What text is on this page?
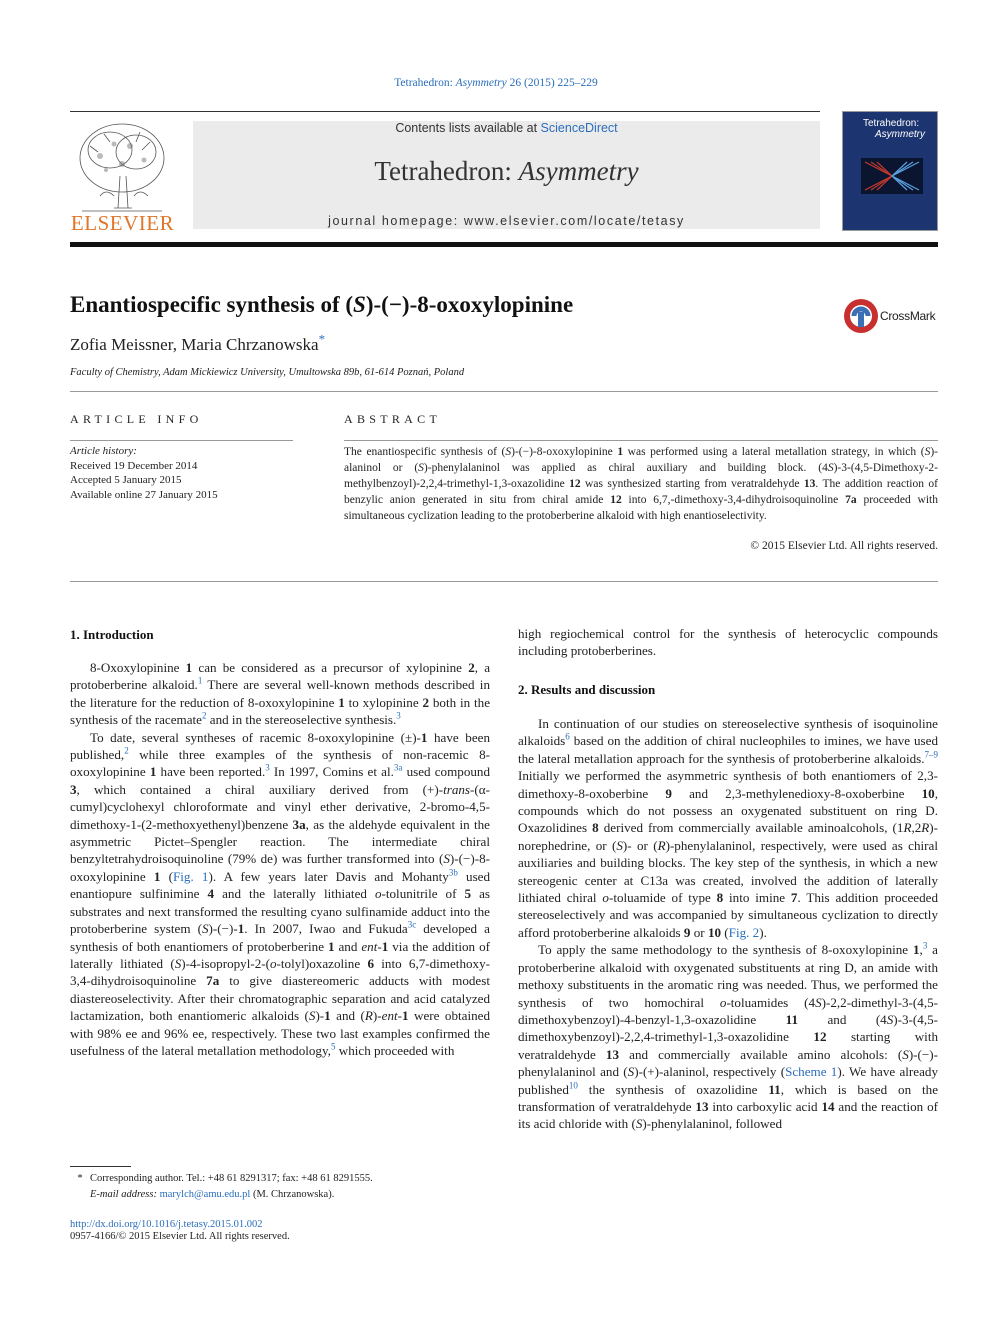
Tetrahedron: Asymmetry 26 (2015) 225–229
ELSEVIER
Contents lists available at ScienceDirect
Tetrahedron: Asymmetry
journal homepage: www.elsevier.com/locate/tetasy
Tetrahedron:
Asymmetry
Enantiospecific synthesis of (S)-(−)-8-oxoxylopinine	CrossMark
Zofia Meissner, Maria Chrzanowska*
Faculty of Chemistry, Adam Mickiewicz University, Umultowska 89b, 61-614 Poznań, Poland
ARTICLE INFO
Article history:
Received 19 December 2014
Accepted 5 January 2015
Available online 27 January 2015
ABSTRACT
The enantiospecific synthesis of (S)-(−)-8-oxoxylopinine 1 was performed using a lateral metallation strategy, in which (S)-alaninol or (S)-phenylalaninol was applied as chiral auxiliary and building block. (4S)-3-(4,5-Dimethoxy-2-methylbenzoyl)-2,2,4-trimethyl-1,3-oxazolidine 12 was synthesized starting from veratraldehyde 13. The addition reaction of benzylic anion generated in situ from chiral amide 12 into 6,7,-dimethoxy-3,4-dihydroisoquinoline 7a proceeded with simultaneous cyclization leading to the protoberberine alkaloid with high enantioselectivity.
© 2015 Elsevier Ltd. All rights reserved.
1. Introduction

8-Oxoxylopinine 1 can be considered as a precursor of xylopinine 2, a protoberberine alkaloid.$^1$ There are several well-known methods described in the literature for the reduction of 8-oxoxylopinine 1 to xylopinine 2 both in the synthesis of the racemate$^2$ and in the stereoselective synthesis.$^3$

To date, several syntheses of racemic 8-oxoxylopinine (±)-1 have been published,$^2$ while three examples of the synthesis of non-racemic 8-oxoxylopinine 1 have been reported.$^3$ In 1997, Comins et al.$^{3a}$ used compound 3, which contained a chiral auxiliary derived from (+)-trans-(α-cumyl)cyclohexyl chloroformate and vinyl ether derivative, 2-bromo-4,5-dimethoxy-1-(2-methoxyethenyl)benzene 3a, as the aldehyde equivalent in the asymmetric Pictet–Spengler reaction. The intermediate chiral benzyltetrahydroisoquinoline (79% de) was further transformed into (S)-(−)-8-oxoxylopinine 1 (Fig. 1). A few years later Davis and Mohanty$^{3b}$ used enantiopure sulfinimine 4 and the laterally lithiated o-tolunitrile of 5 as substrates and next transformed the resulting cyano sulfinamide adduct into the protoberberine system (S)-(−)-1. In 2007, Iwao and Fukuda$^{3c}$ developed a synthesis of both enantiomers of protoberberine 1 and ent-1 via the addition of laterally lithiated (S)-4-isopropyl-2-(o-tolyl)oxazoline 6 into 6,7-dimethoxy-3,4-dihydroisoquinoline 7a to give diastereomeric adducts with modest diastereoselectivity. After their chromatographic separation and acid catalyzed lactamization, both enantiomeric alkaloids (S)-1 and (R)-ent-1 were obtained with 98% ee and 96% ee, respectively. These two last examples confirmed the usefulness of the lateral metallation methodology,$^5$ which proceeded with

high regiochemical control for the synthesis of heterocyclic compounds including protoberberines.

2. Results and discussion

In continuation of our studies on stereoselective synthesis of isoquinoline alkaloids$^6$ based on the addition of chiral nucleophiles to imines, we have used the lateral metallation approach for the synthesis of protoberberine alkaloids.$^{7-9}$ Initially we performed the asymmetric synthesis of both enantiomers of 2,3-dimethoxy-8-oxoberbine 9 and 2,3-methylenedioxy-8-oxoberbine 10, compounds which do not possess an oxygenated substituent on ring D. Oxazolidines 8 derived from commercially available aminoalcohols, (1R,2R)-norephedrine, or (S)- or (R)-phenylalaninol, respectively, were used as chiral auxiliaries and building blocks. The key step of the synthesis, in which a new stereogenic center at C13a was created, involved the addition of laterally lithiated chiral o-toluamide of type 8 into imine 7. This addition proceeded stereoselectively and was accompanied by simultaneous cyclization to directly afford protoberberine alkaloids 9 or 10 (Fig. 2).

To apply the same methodology to the synthesis of 8-oxoxylopinine 1,$^3$ a protoberberine alkaloid with oxygenated substituents at ring D, an amide with methoxy substituents in the aromatic ring was needed. Thus, we performed the synthesis of two homochiral o-toluamides (4S)-2,2-dimethyl-3-(4,5-dimethoxybenzoyl)-4-benzyl-1,3-oxazolidine 11 and (4S)-3-(4,5-dimethoxybenzoyl)-2,2,4-trimethyl-1,3-oxazolidine 12 starting with veratraldehyde 13 and commercially available amino alcohols: (S)-(−)-phenylalaninol and (S)-(+)-alaninol, respectively (Scheme 1). We have already published$^{10}$ the synthesis of oxazolidine 11, which is based on the transformation of veratraldehyde 13 into carboxylic acid 14 and the reaction of its acid chloride with (S)-phenylalaninol, followed

* Corresponding author. Tel.: +48 61 8291317; fax: +48 61 8291555.
E-mail address: marylch@amu.edu.pl (M. Chrzanowska).
http://dx.doi.org/10.1016/j.tetasy.2015.01.002
0957-4166/© 2015 Elsevier Ltd. All rights reserved.
